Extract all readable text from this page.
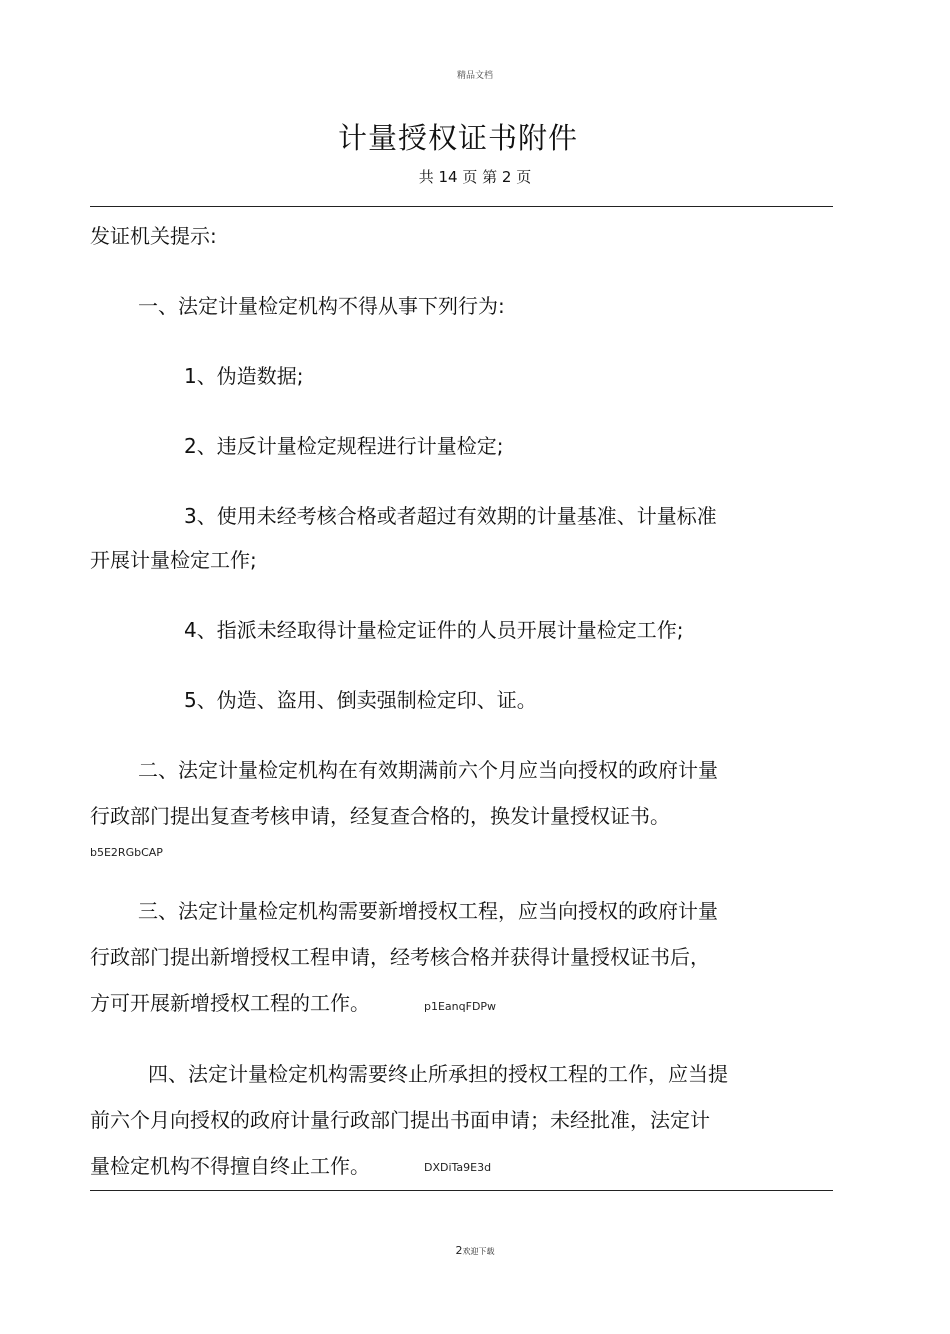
精品文档
计量授权证书附件
共 14 页 第 2 页
发证机关提示:
一、法定计量检定机构不得从事下列行为:
1、伪造数据;
2、违反计量检定规程进行计量检定;
3、使用未经考核合格或者超过有效期的计量基准、计量标准
开展计量检定工作;
4、指派未经取得计量检定证件的人员开展计量检定工作;
5、伪造、盗用、倒卖强制检定印、证。
二、法定计量检定机构在有效期满前六个月应当向授权的政府计量
行政部门提出复查考核申请，经复查合格的，换发计量授权证书。
b5E2RGbCAP
三、法定计量检定机构需要新增授权工程，应当向授权的政府计量
行政部门提出新增授权工程申请，经考核合格并获得计量授权证书后，
方可开展新增授权工程的工作。	p1EanqFDPw
四、法定计量检定机构需要终止所承担的授权工程的工作，应当提
前六个月向授权的政府计量行政部门提出书面申请；未经批准，法定计
量检定机构不得擅自终止工作。	DXDiTa9E3d
2欢迎下载
